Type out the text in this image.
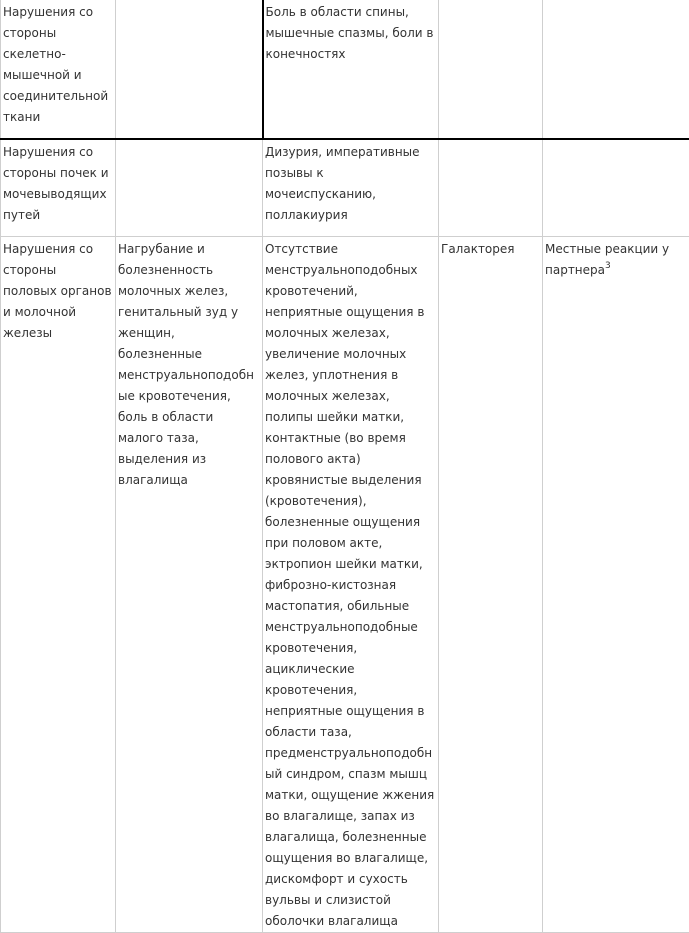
Нарушения со стороны скелетно-мышечной и соединительной ткани		Боль в области спины, мышечные спазмы, боли в конечностях		
Нарушения со стороны почек и мочевыводящих путей		Дизурия, императивные позывы к мочеиспусканию, поллакиурия		
Нарушения со стороны половых органов и молочной железы	Нагрубание и болезненность молочных желез, генитальный зуд у женщин, болезненные менструальноподобные кровотечения, боль в области малого таза, выделения из влагалища	Отсутствие менструальноподобных кровотечений, неприятные ощущения в молочных железах, увеличение молочных желез, уплотнения в молочных железах, полипы шейки матки, контактные (во время полового акта) кровянистые выделения (кровотечения), болезненные ощущения при половом акте, эктропион шейки матки, фиброзно-кистозная мастопатия, обильные менструальноподобные кровотечения, ациклические кровотечения, неприятные ощущения в области таза, предменструальноподобный синдром, спазм мышц матки, ощущение жжения во влагалище, запах из влагалища, болезненные ощущения во влагалище, дискомфорт и сухость вульвы и слизистой оболочки влагалища	Галакторея	Местные реакции у партнера$^3$
